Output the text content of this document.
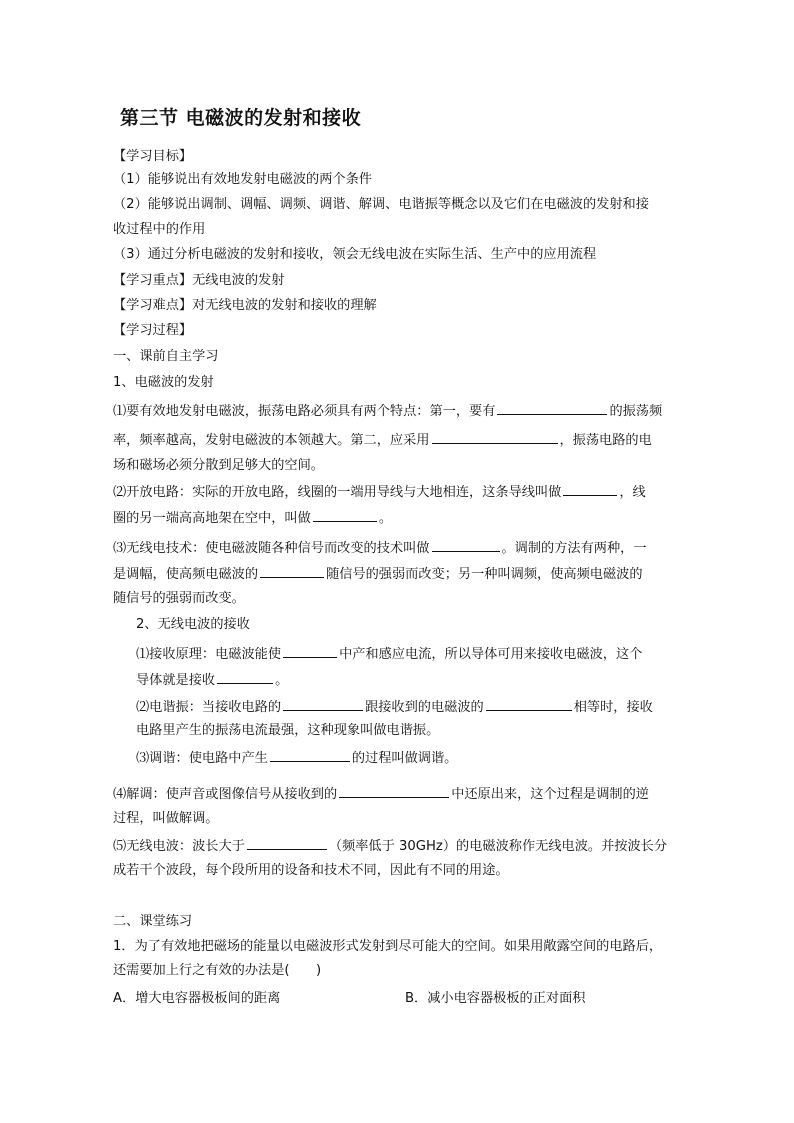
第三节 电磁波的发射和接收
【学习目标】
（1）能够说出有效地发射电磁波的两个条件
（2）能够说出调制、调幅、调频、调谐、解调、电谐振等概念以及它们在电磁波的发射和接
收过程中的作用
（3）通过分析电磁波的发射和接收，领会无线电波在实际生活、生产中的应用流程
【学习重点】无线电波的发射
【学习难点】对无线电波的发射和接收的理解
【学习过程】
一、课前自主学习
1、电磁波的发射
⑴要有效地发射电磁波，振荡电路必须具有两个特点：第一，要有	的振荡频
率，频率越高，发射电磁波的本领越大。第二，应采用	，振荡电路的电
场和磁场必须分散到足够大的空间。
⑵开放电路：实际的开放电路，线圈的一端用导线与大地相连，这条导线叫做	，线
圈的另一端高高地架在空中，叫做	。
⑶无线电技术：使电磁波随各种信号而改变的技术叫做	。调制的方法有两种，一
是调幅，使高频电磁波的	随信号的强弱而改变；另一种叫调频，使高频电磁波的
随信号的强弱而改变。
2、无线电波的接收
⑴接收原理：电磁波能使	中产和感应电流，所以导体可用来接收电磁波，这个
导体就是接收	。
⑵电谐振：当接收电路的	跟接收到的电磁波的	相等时，接收
电路里产生的振荡电流最强，这种现象叫做电谐振。
⑶调谐：使电路中产生	的过程叫做调谐。
⑷解调：使声音或图像信号从接收到的	中还原出来，这个过程是调制的逆
过程，叫做解调。
⑸无线电波：波长大于	（频率低于 30GHz）的电磁波称作无线电波。并按波长分
成若干个波段，每个段所用的设备和技术不同，因此有不同的用途。
二、课堂练习
1．为了有效地把磁场的能量以电磁波形式发射到尽可能大的空间。如果用敞露空间的电路后，
还需要加上行之有效的办法是(　　)
A．增大电容器极板间的距离	B．减小电容器极板的正对面积
